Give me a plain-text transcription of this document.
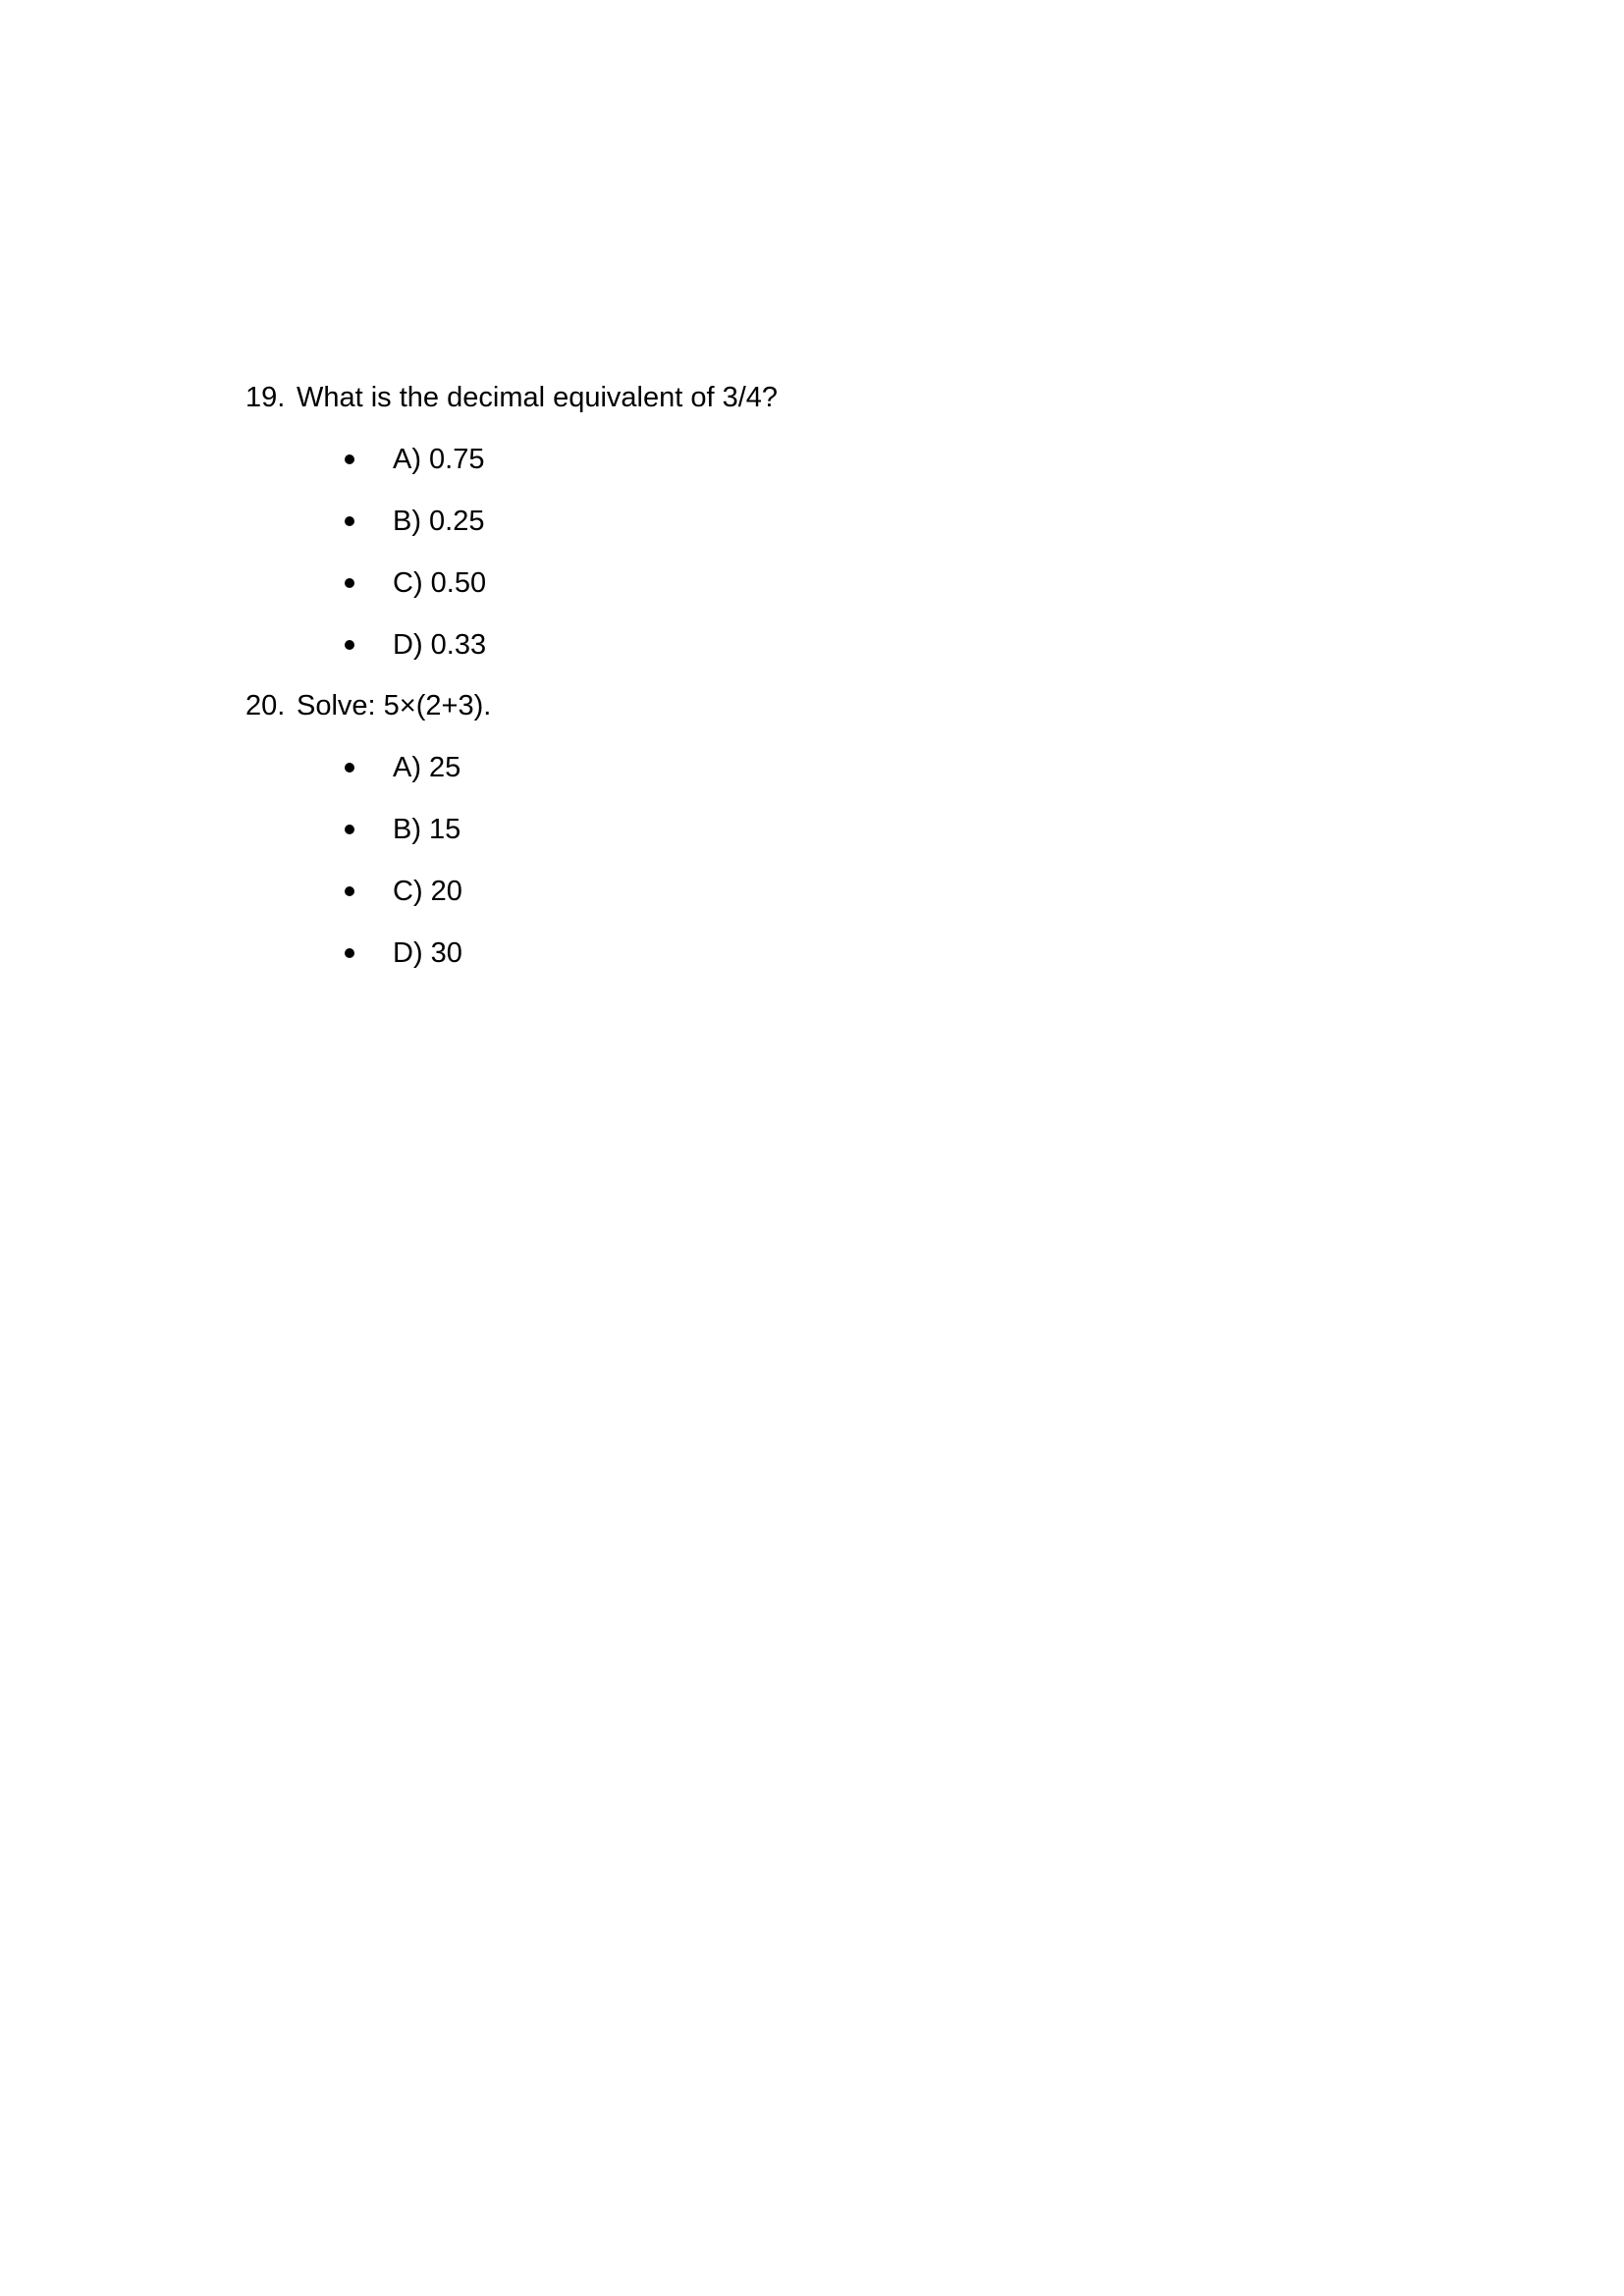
19. What is the decimal equivalent of 3/4?
A) 0.75
B) 0.25
C) 0.50
D) 0.33
20. Solve: 5×(2+3).
A) 25
B) 15
C) 20
D) 30
